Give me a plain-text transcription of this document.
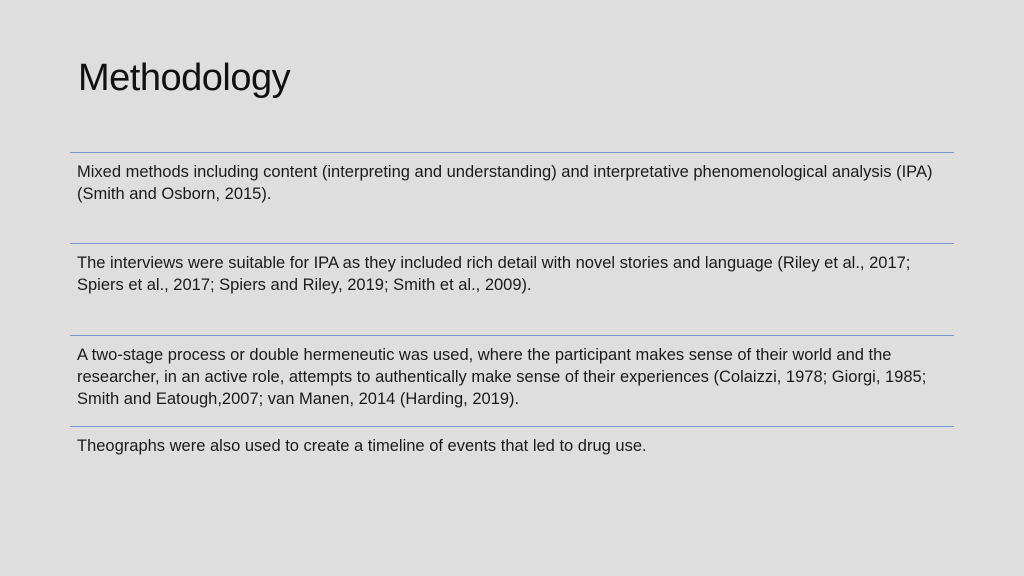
Methodology

Mixed methods including content (interpreting and understanding) and interpretative phenomenological analysis (IPA) (Smith and Osborn, 2015).

The interviews were suitable for IPA as they included rich detail with novel stories and language (Riley et al., 2017; Spiers et al., 2017; Spiers and Riley, 2019; Smith et al., 2009).

A two-stage process or double hermeneutic was used, where the participant makes sense of their world and the researcher, in an active role, attempts to authentically make sense of their experiences (Colaizzi, 1978; Giorgi, 1985; Smith and Eatough,2007; van Manen, 2014 (Harding, 2019).

Theographs were also used to create a timeline of events that led to drug use.
